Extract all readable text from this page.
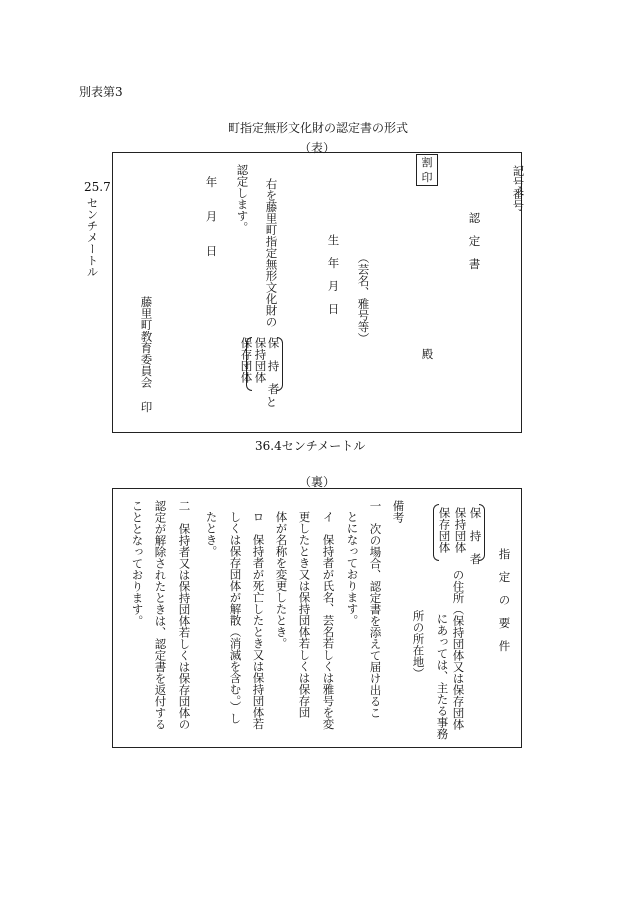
別表第3
町指定無形文化財の認定書の形式
（表）
25.7
センチメートル
割
印	記号番号
認　定　書
（芸名、雅号等）
殿
生　年　月　日
右を藤里町指定無形文化財の
保　持　者
保持団体
保存団体
と
認定します。
年　　月　　日
藤里町教育委員会
印
36.4センチメートル
（裏）
指　定　の　要　件
保　持　者
保持団体
保存団体
の住所（保持団体又は保存団体
にあっては、主たる事務
所の所在地）
備考
一　次の場合、認定書を添えて届け出るこ
とになっております。
イ　保持者が氏名、芸名若しくは雅号を変
更したとき又は保持団体若しくは保存団
体が名称を変更したとき。
ロ　保持者が死亡したとき又は保持団体若
しくは保存団体が解散（消滅を含む。）し
たとき。
二　保持者又は保持団体若しくは保存団体の
認定が解除されたときは、認定書を返付する
こととなっております。
